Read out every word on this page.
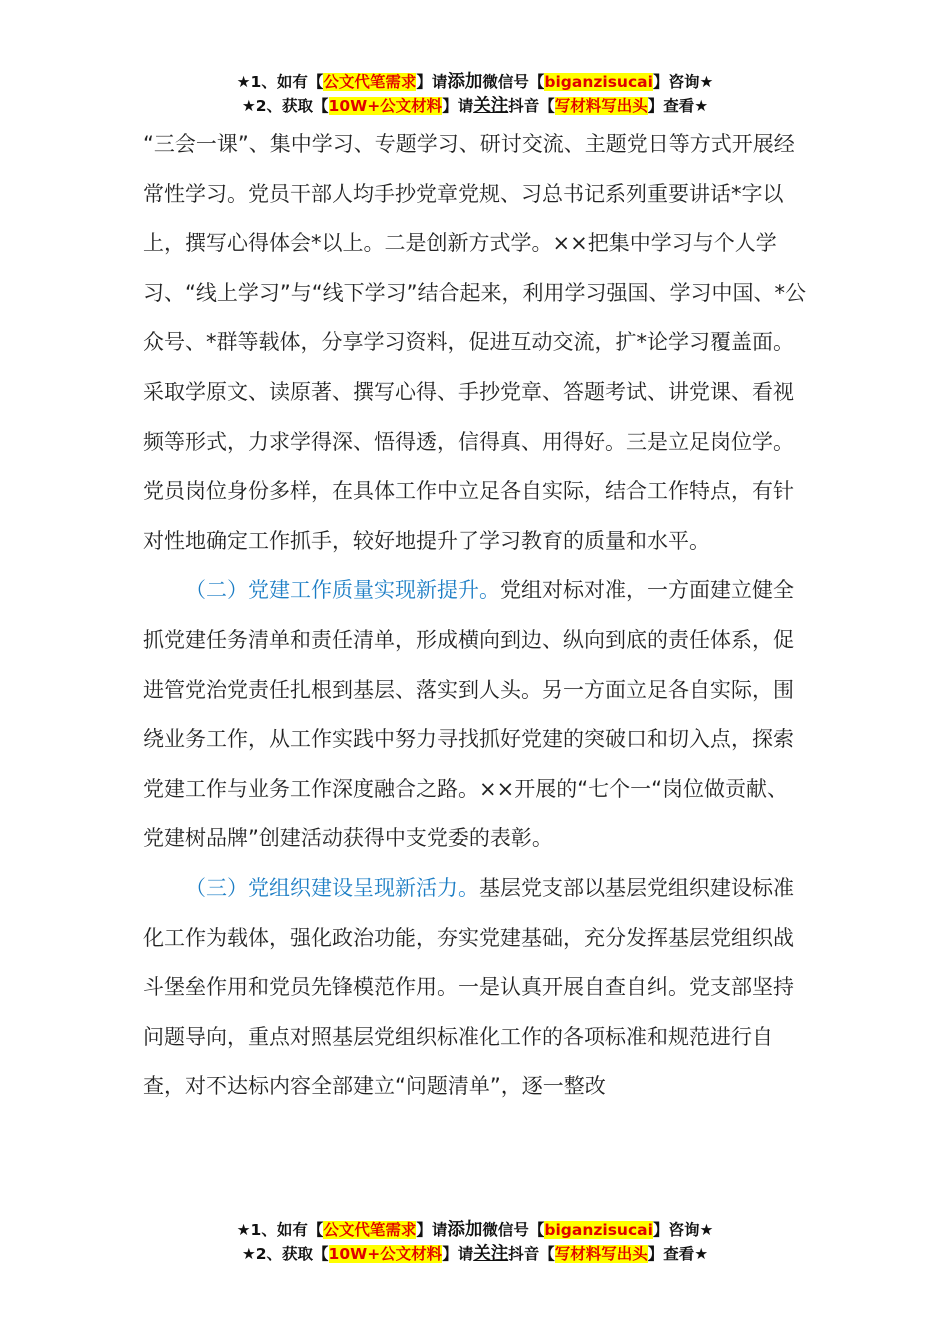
★1、如有【公文代笔需求】请添加微信号【biganzisucai】咨询★
★2、获取【10W+公文材料】请关注抖音【写材料写出头】查看★

“三会一课”、集中学习、专题学习、研讨交流、主题党日等方式开展经常性学习。党员干部人均手抄党章党规、习总书记系列重要讲话*字以上，撰写心得体会*以上。二是创新方式学。××把集中学习与个人学习、“线上学习”与“线下学习”结合起来，利用学习强国、学习中国、*公众号、*群等载体，分享学习资料，促进互动交流，扩*论学习覆盖面。采取学原文、读原著、撰写心得、手抄党章、答题考试、讲党课、看视频等形式，力求学得深、悟得透，信得真、用得好。三是立足岗位学。党员岗位身份多样，在具体工作中立足各自实际，结合工作特点，有针对性地确定工作抓手，较好地提升了学习教育的质量和水平。

（二）党建工作质量实现新提升。党组对标对准，一方面建立健全抓党建任务清单和责任清单，形成横向到边、纵向到底的责任体系，促进管党治党责任扎根到基层、落实到人头。另一方面立足各自实际，围绕业务工作，从工作实践中努力寻找抓好党建的突破口和切入点，探索党建工作与业务工作深度融合之路。××开展的“七个一“岗位做贡献、党建树品牌”创建活动获得中支党委的表彰。

（三）党组织建设呈现新活力。基层党支部以基层党组织建设标准化工作为载体，强化政治功能，夯实党建基础，充分发挥基层党组织战斗堡垒作用和党员先锋模范作用。一是认真开展自查自纠。党支部坚持问题导向，重点对照基层党组织标准化工作的各项标准和规范进行自查，对不达标内容全部建立“问题清单”，逐一整改

★1、如有【公文代笔需求】请添加微信号【biganzisucai】咨询★
★2、获取【10W+公文材料】请关注抖音【写材料写出头】查看★
